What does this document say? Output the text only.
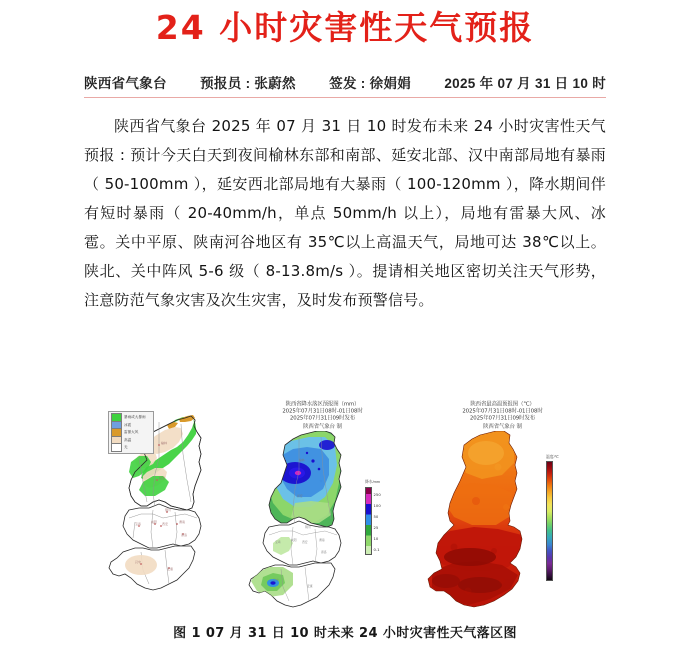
24 小时灾害性天气预报
陕西省气象台 预报员 : 张蔚然 签发 : 徐娟娟 2025 年 07 月 31 日 10 时
陕西省气象台 2025 年 07 月 31 日 10 时发布未来 24 小时灾害性天气预报 : 预计今天白天到夜间榆林东部和南部、延安北部、汉中南部局地有暴雨（ 50-100mm ），延安西北部局地有大暴雨（ 100-120mm ），降水期间伴有短时暴雨（ 20-40mm/h，单点 50mm/h 以上），局地有雷暴大风、冰雹。关中平原、陕南河谷地区有 35℃以上高温天气，局地可达 38℃以上。陕北、关中阵风 5-6 级（ 8-13.8m/s ）。提请相关地区密切关注天气形势，注意防范气象灾害及次生灾害，及时发布预警信号。
榆林
延安
宝鸡	咸阳 西安	渭南
商洛
汉中
安康
铜川
暴雨或大暴雨
冰雹
雷暴大风
高温
无
陕西省降水落区预报图（mm）
2025年07月31日08时-01日08时
2025年07月31日09时发布
陕西省气象台 制
榆林
延安
宝鸡	咸阳 西安	渭南
商洛
汉中
安康
铜川
降水/mm
250
100
50
25
10
0.1
陕西省最高温预报图（℃）
2025年07月31日08时-01日08时
2025年07月31日09时发布
陕西省气象台 制
温度/℃
图 1 07 月 31 日 10 时未来 24 小时灾害性天气落区图
